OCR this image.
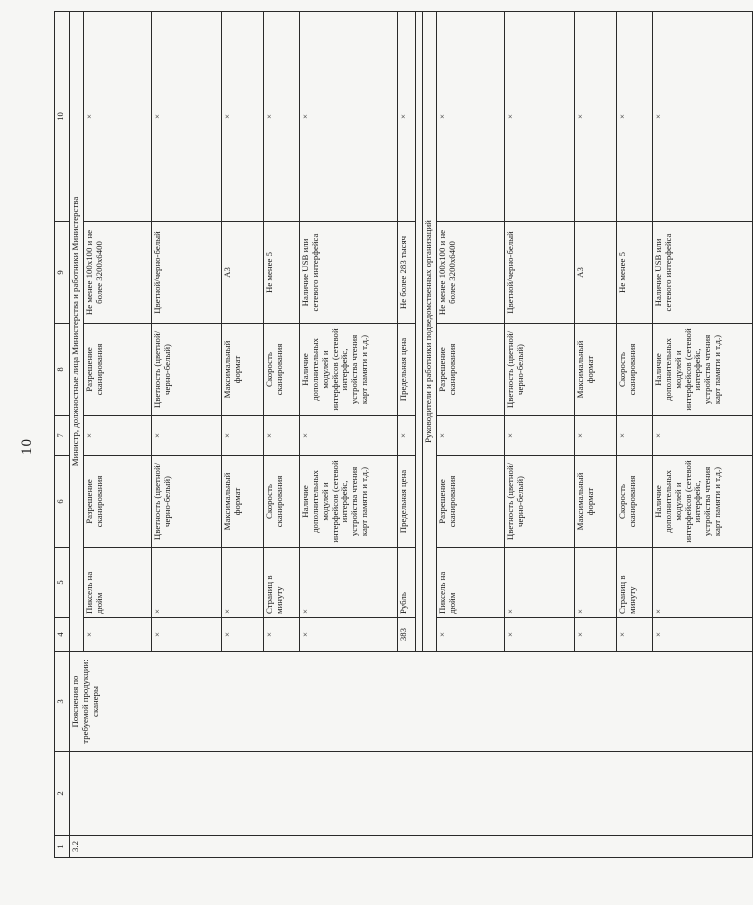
10
1	2	3	4	5	6	7	8	9	10
3.2		Пояснения по требуемой продукции: сканеры	Министр, должностные лица Министерства и работники Министерства						
			×	Пиксель на дюйм	Разрешение сканирования	×	Разрешение сканирования	Не менее 100х100 и не более 3200х6400	×
			×	×	Цветность (цветной/черно-белый)	×	Цветность (цветной/черно-белый)	Цветной/черно-белый	×
			×	×	Максимальный формат	×	Максимальный формат	А3	×
			×	Страниц в минуту	Скорость сканирования	×	Скорость сканирования	Не менее 5	×
			×	×	Наличие дополнительных модулей и интерфейсов (сетевой интерфейс, устройства чтения карт памяти и т.д.)	×	Наличие дополнительных модулей и интерфейсов (сетевой интерфейс, устройства чтения карт памяти и т.д.)	Наличие USB или сетевого интерфейса	×
			383	Рубль	Предельная цена	×	Предельная цена	Не более 283 тысяч	×

			Руководители и работники подведомственных организаций						
			×	Пиксель на дюйм	Разрешение сканирования	×	Разрешение сканирования	Не менее 100х100 и не более 3200х6400	×
			×	×	Цветность (цветной/черно-белый)	×	Цветность (цветной/черно-белый)	Цветной/черно-белый	×
			×	×	Максимальный формат	×	Максимальный формат	А3	×
			×	Страниц в минуту	Скорость сканирования	×	Скорость сканирования	Не менее 5	×
			×	×	Наличие дополнительных модулей и интерфейсов (сетевой интерфейс, устройства чтения карт памяти и т.д.)	×	Наличие дополнительных модулей и интерфейсов (сетевой интерфейс, устройства чтения карт памяти и т.д.)	Наличие USB или сетевого интерфейса	×
